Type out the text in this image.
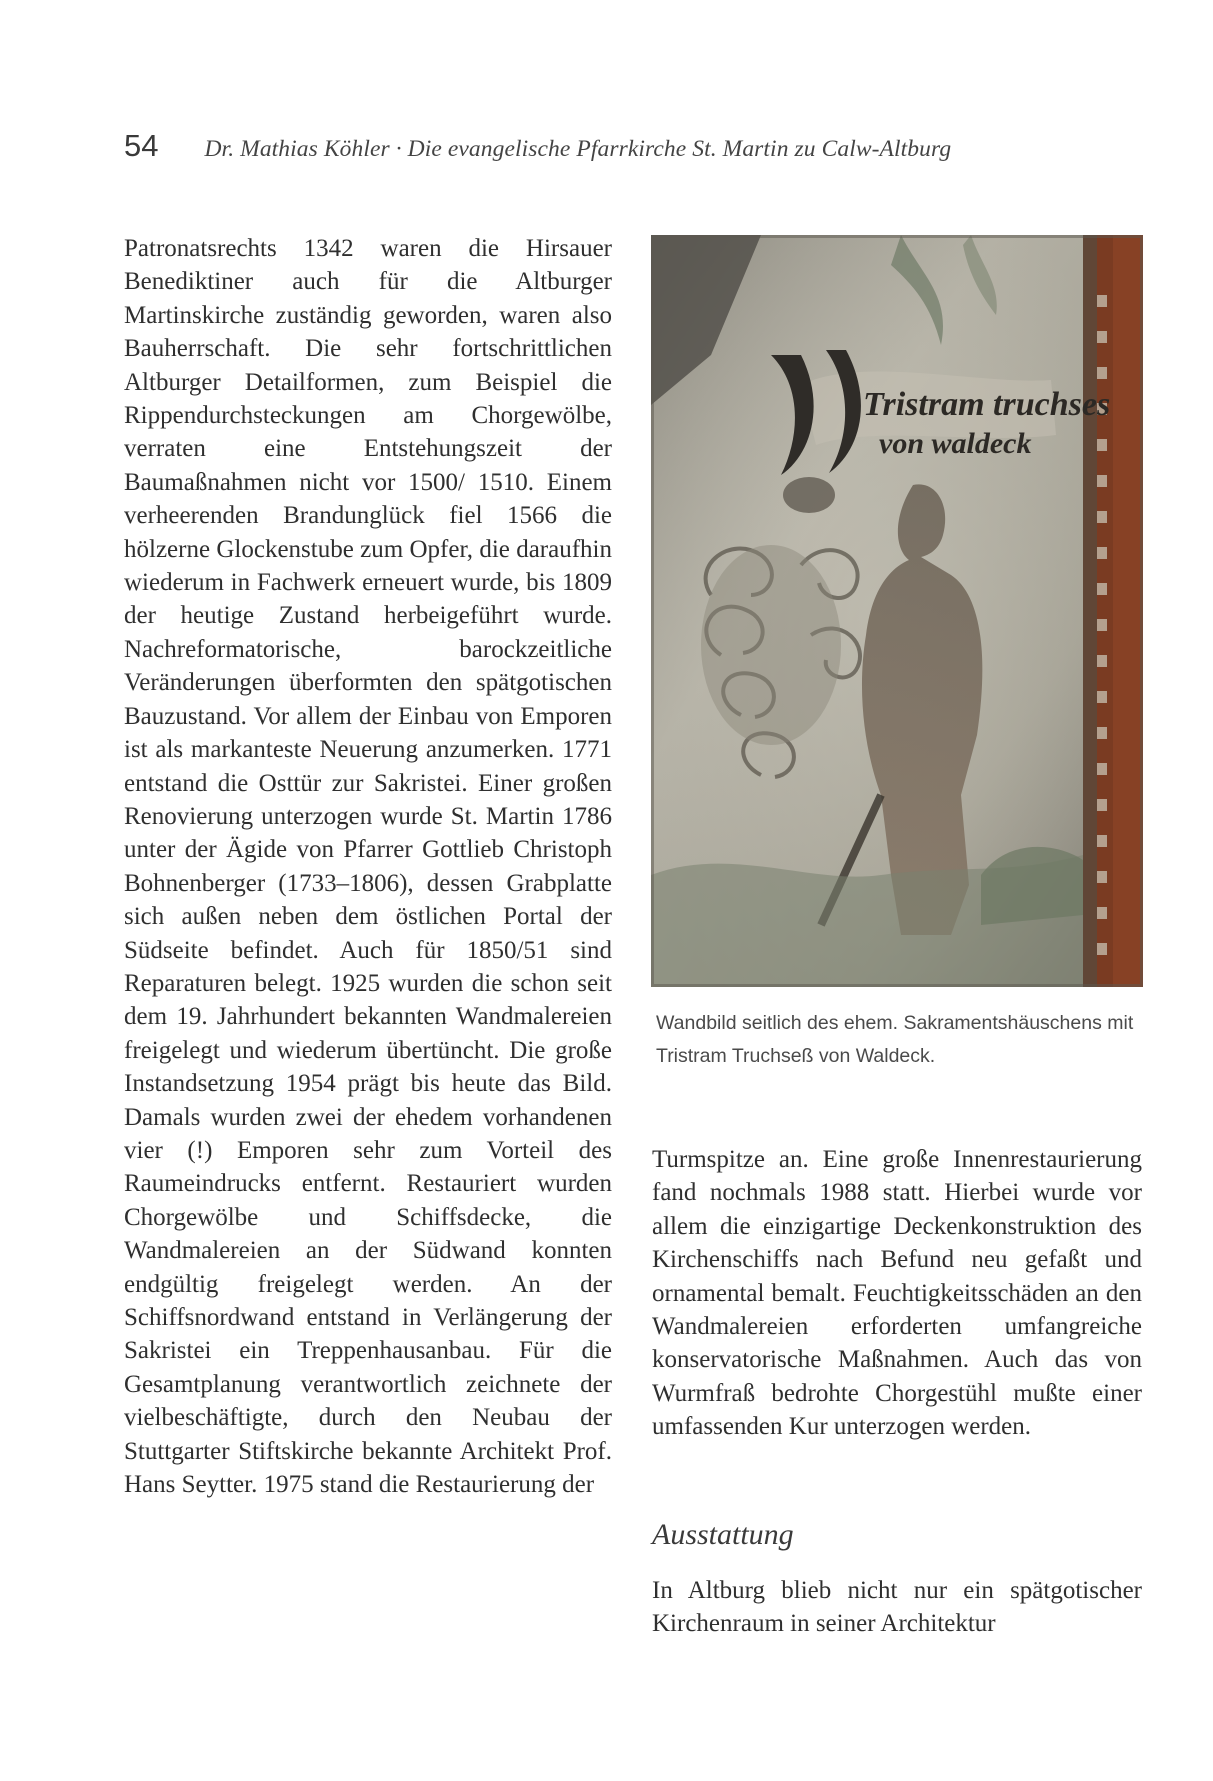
54 Dr. Mathias Köhler · Die evangelische Pfarrkirche St. Martin zu Calw-Altburg

Patronatsrechts 1342 waren die Hirsauer Benediktiner auch für die Altburger Martinskirche zuständig geworden, waren also Bauherrschaft. Die sehr fortschrittlichen Altburger Detailformen, zum Beispiel die Rippendurchsteckungen am Chorgewölbe, verraten eine Entstehungszeit der Baumaßnahmen nicht vor 1500/ 1510. Einem verheerenden Brandunglück fiel 1566 die hölzerne Glockenstube zum Opfer, die daraufhin wiederum in Fachwerk erneuert wurde, bis 1809 der heutige Zustand herbeigeführt wurde. Nachreformatorische, barockzeitliche Veränderungen überformten den spätgotischen Bauzustand. Vor allem der Einbau von Emporen ist als markanteste Neuerung anzumerken. 1771 entstand die Osttür zur Sakristei. Einer großen Renovierung unterzogen wurde St. Martin 1786 unter der Ägide von Pfarrer Gottlieb Christoph Bohnenberger (1733–1806), dessen Grabplatte sich außen neben dem östlichen Portal der Südseite befindet. Auch für 1850/51 sind Reparaturen belegt. 1925 wurden die schon seit dem 19. Jahrhundert bekannten Wandmalereien freigelegt und wiederum übertüncht. Die große Instandsetzung 1954 prägt bis heute das Bild. Damals wurden zwei der ehedem vorhandenen vier (!) Emporen sehr zum Vorteil des Raumeindrucks entfernt. Restauriert wurden Chorgewölbe und Schiffsdecke, die Wandmalereien an der Südwand konnten endgültig freigelegt werden. An der Schiffsnordwand entstand in Verlängerung der Sakristei ein Treppenhausanbau. Für die Gesamtplanung verantwortlich zeichnete der vielbeschäftigte, durch den Neubau der Stuttgarter Stiftskirche bekannte Architekt Prof. Hans Seytter. 1975 stand die Restaurierung der

Tristram truchses
von waldeck
Wandbild seitlich des ehem. Sakramentshäuschens mit Tristram Truchseß von Waldeck.

Turmspitze an. Eine große Innenrestaurierung fand nochmals 1988 statt. Hierbei wurde vor allem die einzigartige Deckenkonstruktion des Kirchenschiffs nach Befund neu gefaßt und ornamental bemalt. Feuchtigkeitsschäden an den Wandmalereien erforderten umfangreiche konservatorische Maßnahmen. Auch das von Wurmfraß bedrohte Chorgestühl mußte einer umfassenden Kur unterzogen werden.

Ausstattung

In Altburg blieb nicht nur ein spätgotischer Kirchenraum in seiner Architektur
